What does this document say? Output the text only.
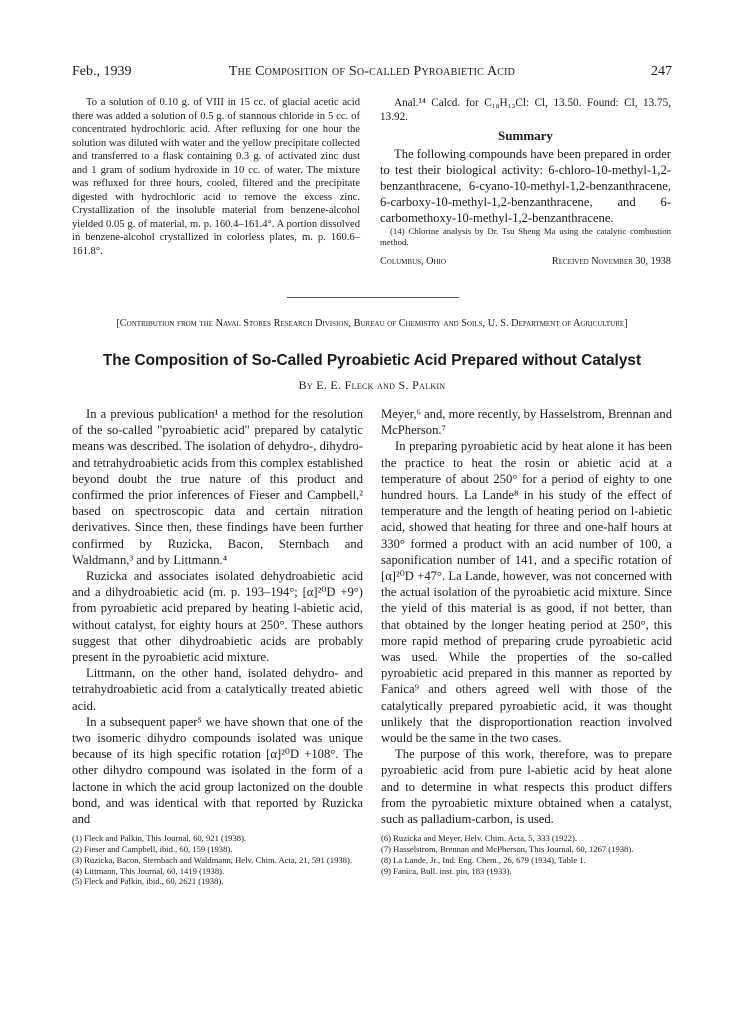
Feb., 1939	The Composition of So-called Pyroabietic Acid	247

To a solution of 0.10 g. of VIII in 15 cc. of glacial acetic acid there was added a solution of 0.5 g. of stannous chloride in 5 cc. of concentrated hydrochloric acid. After refluxing for one hour the solution was diluted with water and the yellow precipitate collected and transferred to a flask containing 0.3 g. of activated zinc dust and 1 gram of sodium hydroxide in 10 cc. of water. The mixture was refluxed for three hours, cooled, filtered and the precipitate digested with hydrochloric acid to remove the excess zinc. Crystallization of the insoluble material from benzene-alcohol yielded 0.05 g. of material, m. p. 160.4–161.4°. A portion dissolved in benzene-alcohol crystallized in colorless plates, m. p. 160.6–161.8°.

Anal.¹⁴ Calcd. for C₁₈H₁₃Cl: Cl, 13.50. Found: Cl, 13.75, 13.92.

Summary

The following compounds have been prepared in order to test their biological activity: 6-chloro-10-methyl-1,2-benzanthracene, 6-cyano-10-methyl-1,2-benzanthracene, 6-carboxy-10-methyl-1,2-benzanthracene, and 6-carbomethoxy-10-methyl-1,2-benzanthracene.

(14) Chlorine analysis by Dr. Tsu Sheng Ma using the catalytic combustion method.

Columbus, Ohio	Received November 30, 1938
[Contribution from the Naval Stores Research Division, Bureau of Chemistry and Soils, U. S. Department of Agriculture]
The Composition of So-Called Pyroabietic Acid Prepared without Catalyst
By E. E. Fleck and S. Palkin

In a previous publication¹ a method for the resolution of the so-called "pyroabietic acid" prepared by catalytic means was described. The isolation of dehydro-, dihydro- and tetrahydroabietic acids from this complex established beyond doubt the true nature of this product and confirmed the prior inferences of Fieser and Campbell,² based on spectroscopic data and certain nitration derivatives. Since then, these findings have been further confirmed by Ruzicka, Bacon, Sternbach and Waldmann,³ and by Littmann.⁴

Ruzicka and associates isolated dehydroabietic acid and a dihydroabietic acid (m. p. 193–194°; [α]²⁰D +9°) from pyroabietic acid prepared by heating l-abietic acid, without catalyst, for eighty hours at 250°. These authors suggest that other dihydroabietic acids are probably present in the pyroabietic acid mixture.

Littmann, on the other hand, isolated dehydro- and tetrahydroabietic acid from a catalytically treated abietic acid.

In a subsequent paper⁵ we have shown that one of the two isomeric dihydro compounds isolated was unique because of its high specific rotation [α]²⁰D +108°. The other dihydro compound was isolated in the form of a lactone in which the acid group lactonized on the double bond, and was identical with that reported by Ruzicka and

(1) Fleck and Palkin, This Journal, 60, 921 (1938).
(2) Fieser and Campbell, ibid., 60, 159 (1938).
(3) Ruzicka, Bacon, Sternbach and Waldmann, Helv. Chim. Acta, 21, 591 (1938).
(4) Littmann, This Journal, 60, 1419 (1938).
(5) Fleck and Palkin, ibid., 60, 2621 (1938).

Meyer,⁶ and, more recently, by Hasselstrom, Brennan and McPherson.⁷

In preparing pyroabietic acid by heat alone it has been the practice to heat the rosin or abietic acid at a temperature of about 250° for a period of eighty to one hundred hours. La Lande⁸ in his study of the effect of temperature and the length of heating period on l-abietic acid, showed that heating for three and one-half hours at 330° formed a product with an acid number of 100, a saponification number of 141, and a specific rotation of [α]²⁰D +47°. La Lande, however, was not concerned with the actual isolation of the pyroabietic acid mixture. Since the yield of this material is as good, if not better, than that obtained by the longer heating period at 250°, this more rapid method of preparing crude pyroabietic acid was used. While the properties of the so-called pyroabietic acid prepared in this manner as reported by Fanica⁹ and others agreed well with those of the catalytically prepared pyroabietic acid, it was thought unlikely that the disproportionation reaction involved would be the same in the two cases.

The purpose of this work, therefore, was to prepare pyroabietic acid from pure l-abietic acid by heat alone and to determine in what respects this product differs from the pyroabietic mixture obtained when a catalyst, such as palladium-carbon, is used.

(6) Ruzicka and Meyer, Helv. Chim. Acta, 5, 333 (1922).
(7) Hasselstrom, Brennan and McPherson, This Journal, 60, 1267 (1938).
(8) La Lande, Jr., Ind. Eng. Chem., 26, 679 (1934), Table 1.
(9) Fanica, Bull. inst. pin, 183 (1933).
